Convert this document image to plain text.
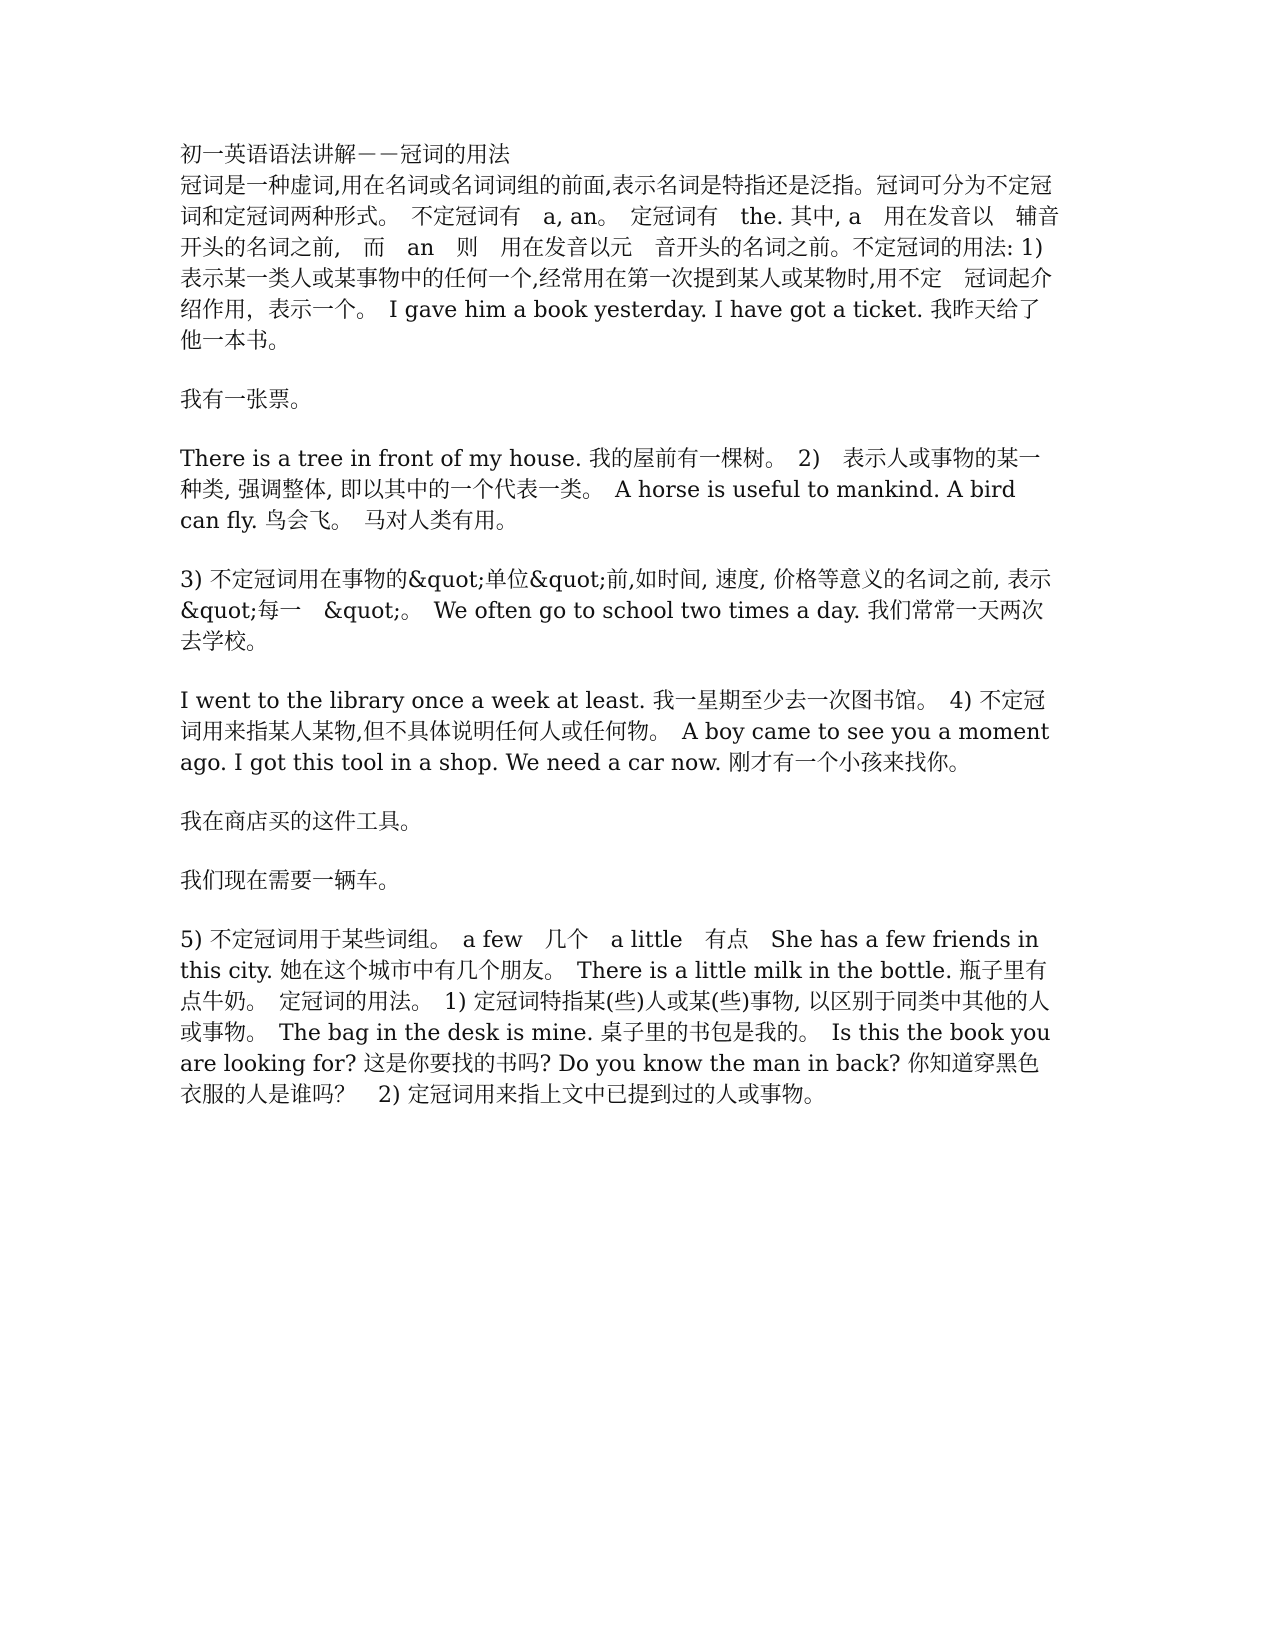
初一英语语法讲解－－冠词的用法

冠词是一种虚词,用在名词或名词词组的前面,表示名词是特指还是泛指。冠词可分为不定冠词和定冠词两种形式。　不定冠词有　a, an。　定冠词有　the. 其中, a　用在发音以　辅音开头的名词之前,　而　an　则　用在发音以元　音开头的名词之前。不定冠词的用法: 1)　表示某一类人或某事物中的任何一个,经常用在第一次提到某人或某物时,用不定　冠词起介绍作用，表示一个。　I gave him a book yesterday. I have got a ticket. 我昨天给了他一本书。

我有一张票。

There is a tree in front of my house. 我的屋前有一棵树。　2)　表示人或事物的某一种类, 强调整体, 即以其中的一个代表一类。　A horse is useful to mankind. A bird can fly. 鸟会飞。　马对人类有用。

3) 不定冠词用在事物的&quot;单位&quot;前,如时间, 速度, 价格等意义的名词之前, 表示　&quot;每一　&quot;。　We often go to school two times a day. 我们常常一天两次去学校。

I went to the library once a week at least. 我一星期至少去一次图书馆。　4) 不定冠词用来指某人某物,但不具体说明任何人或任何物。　A boy came to see you a moment ago. I got this tool in a shop. We need a car now. 刚才有一个小孩来找你。

我在商店买的这件工具。

我们现在需要一辆车。

5) 不定冠词用于某些词组。　a few　几个　a little　有点　She has a few friends in this city. 她在这个城市中有几个朋友。　There is a little milk in the bottle. 瓶子里有点牛奶。　定冠词的用法。　1) 定冠词特指某(些)人或某(些)事物, 以区别于同类中其他的人或事物。　The bag in the desk is mine. 桌子里的书包是我的。　Is this the book you are looking for? 这是你要找的书吗? Do you know the man in back? 你知道穿黑色衣服的人是谁吗？　2) 定冠词用来指上文中已提到过的人或事物。
